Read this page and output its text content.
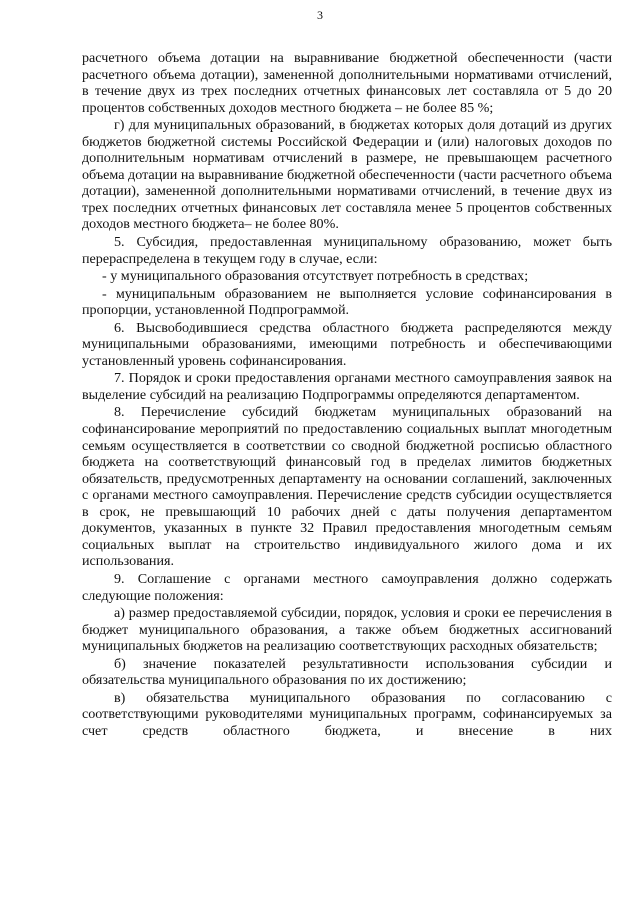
3

расчетного объема дотации на выравнивание бюджетной обеспеченности (части расчетного объема дотации), замененной дополнительными нормативами отчислений, в течение двух из трех последних отчетных финансовых лет составляла от 5 до 20 процентов собственных доходов местного бюджета – не более 85 %;

г) для муниципальных образований, в бюджетах которых доля дотаций из других бюджетов бюджетной системы Российской Федерации и (или) налоговых доходов по дополнительным нормативам отчислений в размере, не превышающем расчетного объема дотации на выравнивание бюджетной обеспеченности (части расчетного объема дотации), замененной дополнительными нормативами отчислений, в течение двух из трех последних отчетных финансовых лет составляла менее 5 процентов собственных доходов местного бюджета– не более 80%.

5. Субсидия, предоставленная муниципальному образованию, может быть перераспределена в текущем году в случае, если:

- у муниципального образования отсутствует потребность в средствах;

- муниципальным образованием не выполняется условие софинансирования в пропорции, установленной Подпрограммой.

6. Высвободившиеся средства областного бюджета распределяются между муниципальными образованиями, имеющими потребность и обеспечивающими установленный уровень софинансирования.

7. Порядок и сроки предоставления органами местного самоуправления заявок на выделение субсидий на реализацию Подпрограммы определяются департаментом.

8. Перечисление субсидий бюджетам муниципальных образований на софинансирование мероприятий по предоставлению социальных выплат многодетным семьям осуществляется в соответствии со сводной бюджетной росписью областного бюджета на соответствующий финансовый год в пределах лимитов бюджетных обязательств, предусмотренных департаменту на основании соглашений, заключенных с органами местного самоуправления. Перечисление средств субсидии осуществляется в срок, не превышающий 10 рабочих дней с даты получения департаментом документов, указанных в пункте 32 Правил предоставления многодетным семьям социальных выплат на строительство индивидуального жилого дома и их использования.

9. Соглашение с органами местного самоуправления должно содержать следующие положения:

а) размер предоставляемой субсидии, порядок, условия и сроки ее перечисления в бюджет муниципального образования, а также объем бюджетных ассигнований муниципальных бюджетов на реализацию соответствующих расходных обязательств;

б) значение показателей результативности использования субсидии и обязательства муниципального образования по их достижению;

в) обязательства муниципального образования по согласованию с соответствующими руководителями муниципальных программ, софинансируемых за счет средств областного бюджета, и внесение в них
